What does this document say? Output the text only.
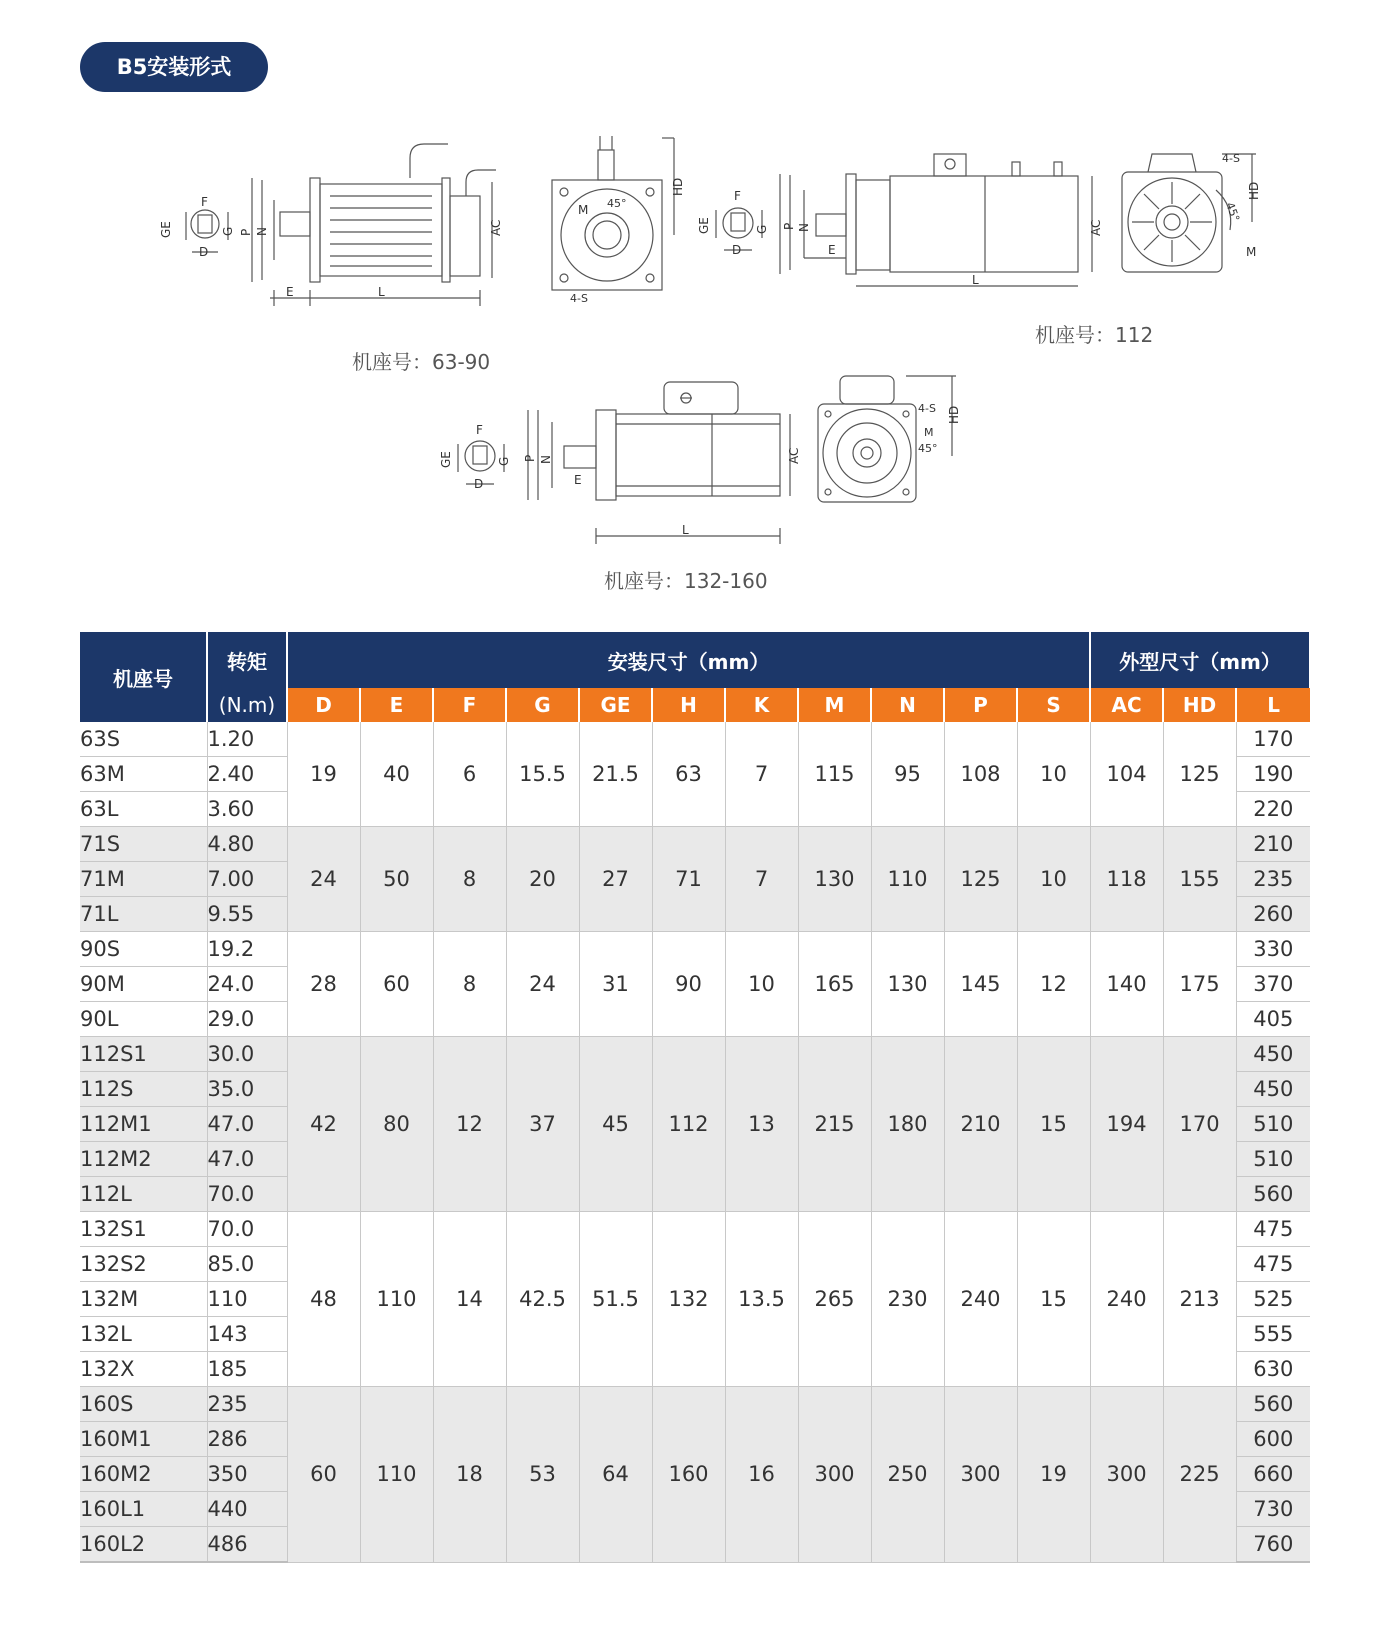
B5安装形式
GE
F
G
D
P N
E	L
AC
45°
M
4-S
HD
GE
F
G
D
P N
E
L
AC
4-S
45°
M
HD
GE
F
G
D
P N
E
L
AC
4-S
M
45°
HD
机座号：63-90
机座号：112
机座号：132-160
机座号	转矩	安装尺寸（mm）											外型尺寸（mm）		
	(N.m)	D	E	F	G	GE	H	K	M	N	P	S	AC	HD	L
63S	1.20	19	40	6	15.5	21.5	63	7	115	95	108	10	104	125	170
63M	2.40														190
63L	3.60														220
71S	4.80	24	50	8	20	27	71	7	130	110	125	10	118	155	210
71M	7.00														235
71L	9.55														260
90S	19.2	28	60	8	24	31	90	10	165	130	145	12	140	175	330
90M	24.0														370
90L	29.0														405
112S1	30.0	42	80	12	37	45	112	13	215	180	210	15	194	170	450
112S	35.0														450
112M1	47.0														510
112M2	47.0														510
112L	70.0														560
132S1	70.0	48	110	14	42.5	51.5	132	13.5	265	230	240	15	240	213	475
132S2	85.0														475
132M	110														525
132L	143														555
132X	185														630
160S	235	60	110	18	53	64	160	16	300	250	300	19	300	225	560
160M1	286														600
160M2	350														660
160L1	440														730
160L2	486														760
